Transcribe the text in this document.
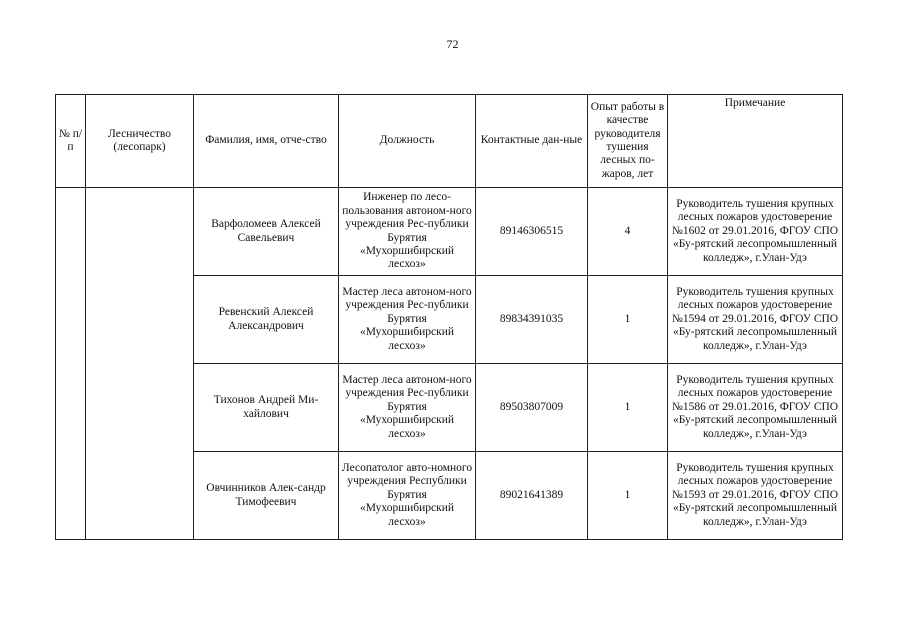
72
№ п/п	Лесничество (лесопарк)	Фамилия, имя, отче-ство	Должность	Контактные дан-ные	Опыт работы в качестве руководителя тушения лесных по-жаров, лет	Примечание
		Варфоломеев Алексей Савельевич	Инженер по лесо-пользования автоном-ного учреждения Рес-публики Бурятия «Мухоршибирский лесхоз»	89146306515	4	Руководитель тушения крупных лесных пожаров удостоверение №1602 от 29.01.2016, ФГОУ СПО «Бу-рятский лесопромышленный колледж», г.Улан-Удэ
		Ревенский Алексей Александрович	Мастер леса автоном-ного учреждения Рес-публики Бурятия «Мухоршибирский лесхоз»	89834391035	1	Руководитель тушения крупных лесных пожаров удостоверение №1594 от 29.01.2016, ФГОУ СПО «Бу-рятский лесопромышленный колледж», г.Улан-Удэ
		Тихонов Андрей Ми-хайлович	Мастер леса автоном-ного учреждения Рес-публики Бурятия «Мухоршибирский лесхоз»	89503807009	1	Руководитель тушения крупных лесных пожаров удостоверение №1586 от 29.01.2016, ФГОУ СПО «Бу-рятский лесопромышленный колледж», г.Улан-Удэ
		Овчинников Алек-сандр Тимофеевич	Лесопатолог авто-номного учреждения Республики Бурятия «Мухоршибирский лесхоз»	89021641389	1	Руководитель тушения крупных лесных пожаров удостоверение №1593 от 29.01.2016, ФГОУ СПО «Бу-рятский лесопромышленный колледж», г.Улан-Удэ
